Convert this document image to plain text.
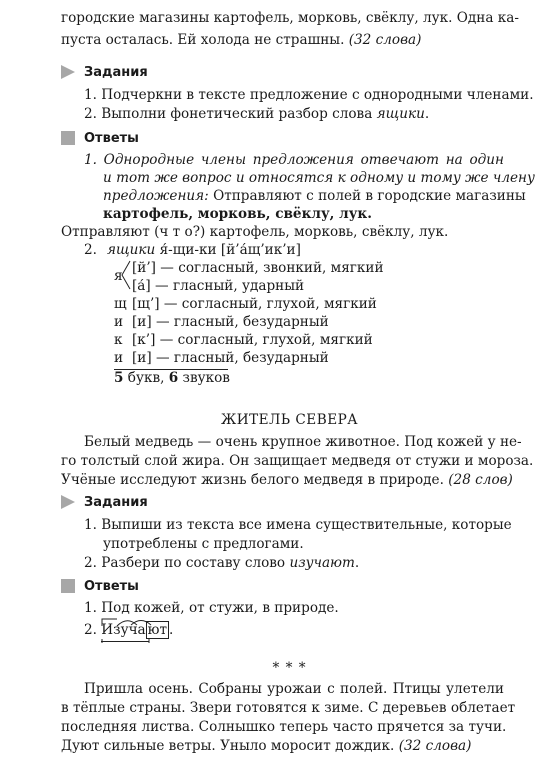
городские магазины картофель, морковь, свёклу, лук. Одна ка-
пуста осталась. Ей холода не страшны. (32 слова)
Задания
1. Подчеркни в тексте предложение с однородными членами.
2. Выполни фонетический разбор слова ящики.
Ответы
1. Однородные члены предложения отвечают на один
и тот же вопрос и относятся к одному и тому же члену
предложения: Отправляют с полей в городские магазины
картофель, морковь, свёклу, лук.
Отправляют (ч т о?) картофель, морковь, свёклу, лук.
2. ящики я́-щи-ки [й’а́щ’ик’и]
я [й’] — согласный, звонкий, мягкий
[а́] — гласный, ударный
щ [щ’] — согласный, глухой, мягкий
и [и] — гласный, безударный
к [к’] — согласный, глухой, мягкий
и [и] — гласный, безударный
5 букв, 6 звуков
ЖИТЕЛЬ СЕВЕРА
Белый медведь — очень крупное животное. Под кожей у не-
го толстый слой жира. Он защищает медведя от стужи и мороза.
Учёные исследуют жизнь белого медведя в природе. (28 слов)
Задания
1. Выпиши из текста все имена существительные, которые
употреблены с предлогами.
2. Разбери по составу слово изучают.
Ответы
1. Под кожей, от стужи, в природе.
2. Изуча ют .
* * *
Пришла осень. Собраны урожаи с полей. Птицы улетели
в тёплые страны. Звери готовятся к зиме. С деревьев облетает
последняя листва. Солнышко теперь часто прячется за тучи.
Дуют сильные ветры. Уныло моросит дождик. (32 слова)
